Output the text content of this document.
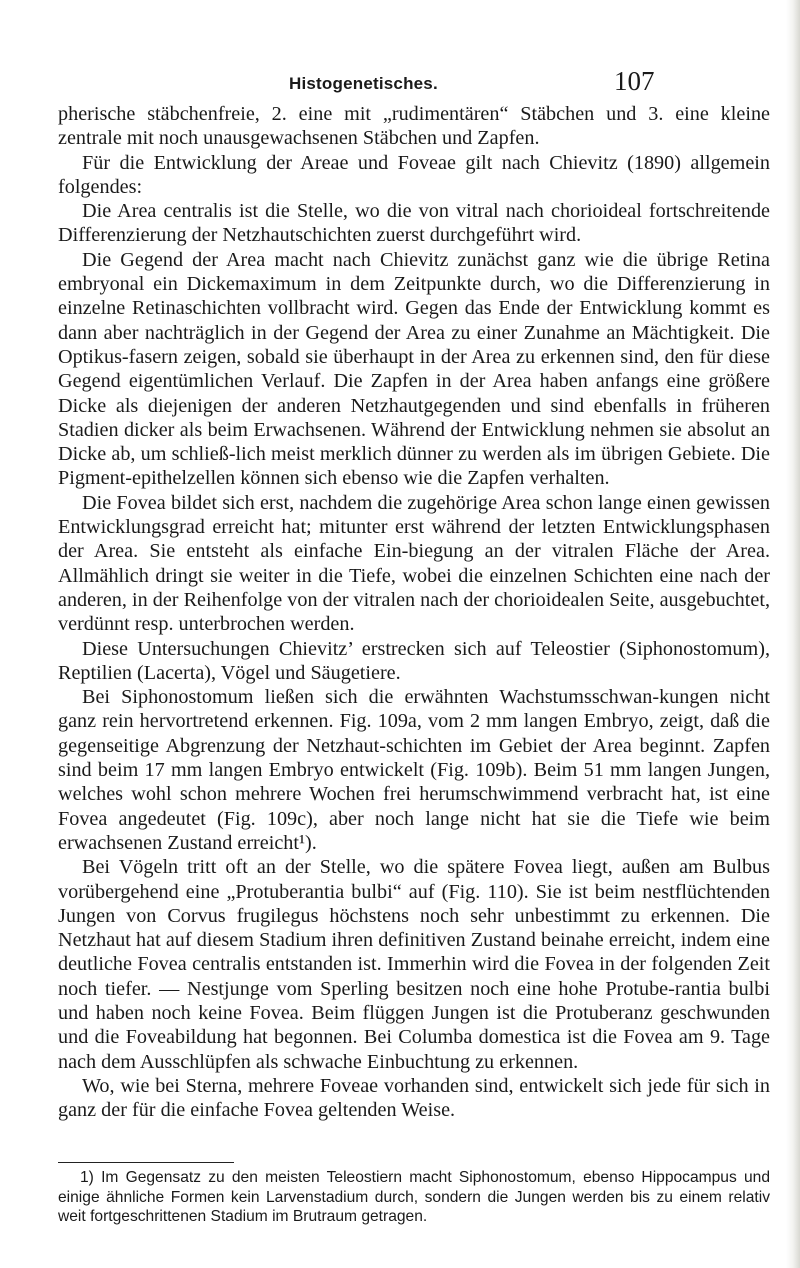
Histogenetisches.	107

pherische stäbchenfreie, 2. eine mit „rudimentären“ Stäbchen und 3. eine kleine zentrale mit noch unausgewachsenen Stäbchen und Zapfen.

Für die Entwicklung der Areae und Foveae gilt nach Chievitz (1890) allgemein folgendes:

Die Area centralis ist die Stelle, wo die von vitral nach chorioideal fortschreitende Differenzierung der Netzhautschichten zuerst durchgeführt wird.

Die Gegend der Area macht nach Chievitz zunächst ganz wie die übrige Retina embryonal ein Dickemaximum in dem Zeitpunkte durch, wo die Differenzierung in einzelne Retinaschichten vollbracht wird. Gegen das Ende der Entwicklung kommt es dann aber nachträglich in der Gegend der Area zu einer Zunahme an Mächtigkeit. Die Optikus-fasern zeigen, sobald sie überhaupt in der Area zu erkennen sind, den für diese Gegend eigentümlichen Verlauf. Die Zapfen in der Area haben anfangs eine größere Dicke als diejenigen der anderen Netzhautgegenden und sind ebenfalls in früheren Stadien dicker als beim Erwachsenen. Während der Entwicklung nehmen sie absolut an Dicke ab, um schließ-lich meist merklich dünner zu werden als im übrigen Gebiete. Die Pigment-epithelzellen können sich ebenso wie die Zapfen verhalten.

Die Fovea bildet sich erst, nachdem die zugehörige Area schon lange einen gewissen Entwicklungsgrad erreicht hat; mitunter erst während der letzten Entwicklungsphasen der Area. Sie entsteht als einfache Ein-biegung an der vitralen Fläche der Area. Allmählich dringt sie weiter in die Tiefe, wobei die einzelnen Schichten eine nach der anderen, in der Reihenfolge von der vitralen nach der chorioidealen Seite, ausgebuchtet, verdünnt resp. unterbrochen werden.

Diese Untersuchungen Chievitz’ erstrecken sich auf Teleostier (Siphonostomum), Reptilien (Lacerta), Vögel und Säugetiere.

Bei Siphonostomum ließen sich die erwähnten Wachstumsschwan-kungen nicht ganz rein hervortretend erkennen. Fig. 109a, vom 2 mm langen Embryo, zeigt, daß die gegenseitige Abgrenzung der Netzhaut-schichten im Gebiet der Area beginnt. Zapfen sind beim 17 mm langen Embryo entwickelt (Fig. 109b). Beim 51 mm langen Jungen, welches wohl schon mehrere Wochen frei herumschwimmend verbracht hat, ist eine Fovea angedeutet (Fig. 109c), aber noch lange nicht hat sie die Tiefe wie beim erwachsenen Zustand erreicht¹).

Bei Vögeln tritt oft an der Stelle, wo die spätere Fovea liegt, außen am Bulbus vorübergehend eine „Protuberantia bulbi“ auf (Fig. 110). Sie ist beim nestflüchtenden Jungen von Corvus frugilegus höchstens noch sehr unbestimmt zu erkennen. Die Netzhaut hat auf diesem Stadium ihren definitiven Zustand beinahe erreicht, indem eine deutliche Fovea centralis entstanden ist. Immerhin wird die Fovea in der folgenden Zeit noch tiefer. — Nestjunge vom Sperling besitzen noch eine hohe Protube-rantia bulbi und haben noch keine Fovea. Beim flüggen Jungen ist die Protuberanz geschwunden und die Foveabildung hat begonnen. Bei Columba domestica ist die Fovea am 9. Tage nach dem Ausschlüpfen als schwache Einbuchtung zu erkennen.

Wo, wie bei Sterna, mehrere Foveae vorhanden sind, entwickelt sich jede für sich in ganz der für die einfache Fovea geltenden Weise.

1) Im Gegensatz zu den meisten Teleostiern macht Siphonostomum, ebenso Hippocampus und einige ähnliche Formen kein Larvenstadium durch, sondern die Jungen werden bis zu einem relativ weit fortgeschrittenen Stadium im Brutraum getragen.
